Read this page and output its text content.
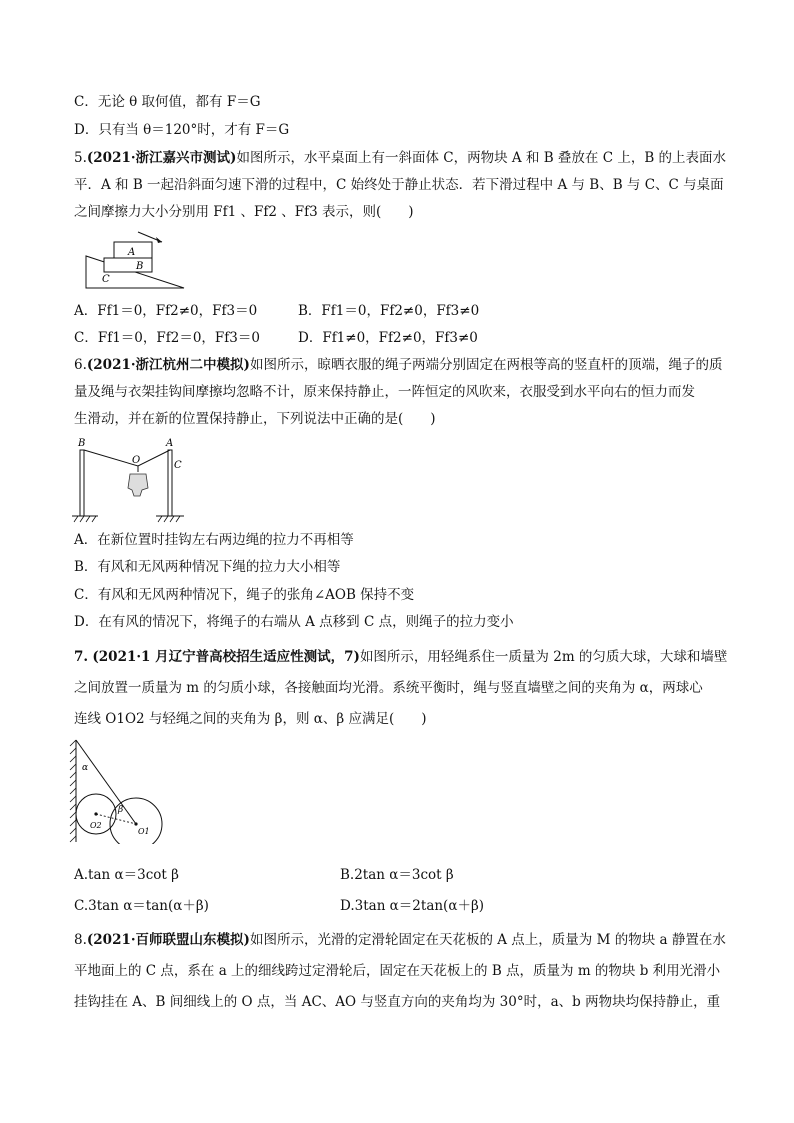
C．无论 θ 取何值，都有 F＝G
D．只有当 θ＝120°时，才有 F＝G
5.(2021·浙江嘉兴市测试)如图所示，水平桌面上有一斜面体 C，两物块 A 和 B 叠放在 C 上，B 的上表面水
平．A 和 B 一起沿斜面匀速下滑的过程中，C 始终处于静止状态．若下滑过程中 A 与 B、B 与 C、C 与桌面
之间摩擦力大小分别用 Ff1 、Ff2 、Ff3 表示，则(　　)
A
B
C
A．Ff1＝0，Ff2≠0，Ff3＝0	B．Ff1＝0，Ff2≠0，Ff3≠0
C．Ff1＝0，Ff2＝0，Ff3＝0	D．Ff1≠0，Ff2≠0，Ff3≠0
6.(2021·浙江杭州二中模拟)如图所示，晾晒衣服的绳子两端分别固定在两根等高的竖直杆的顶端，绳子的质
量及绳与衣架挂钩间摩擦均忽略不计，原来保持静止，一阵恒定的风吹来，衣服受到水平向右的恒力而发
生滑动，并在新的位置保持静止，下列说法中正确的是(　　)
B
O
A
C
A．在新位置时挂钩左右两边绳的拉力不再相等
B．有风和无风两种情况下绳的拉力大小相等
C．有风和无风两种情况下，绳子的张角∠AOB 保持不变
D．在有风的情况下，将绳子的右端从 A 点移到 C 点，则绳子的拉力变小
7. (2021·1 月辽宁普高校招生适应性测试，7)如图所示，用轻绳系住一质量为 2m 的匀质大球，大球和墙壁
之间放置一质量为 m 的匀质小球，各接触面均光滑。系统平衡时，绳与竖直墙壁之间的夹角为 α，两球心
连线 O1O2 与轻绳之间的夹角为 β，则 α、β 应满足(　　)
α
β
O1
O2
A.tan α＝3cot β	B.2tan α＝3cot β
C.3tan α＝tan(α＋β)	D.3tan α＝2tan(α＋β)
8.(2021·百师联盟山东模拟)如图所示，光滑的定滑轮固定在天花板的 A 点上，质量为 M 的物块 a 静置在水
平地面上的 C 点，系在 a 上的细线跨过定滑轮后，固定在天花板上的 B 点，质量为 m 的物块 b 利用光滑小
挂钩挂在 A、B 间细线上的 O 点，当 AC、AO 与竖直方向的夹角均为 30°时，a、b 两物块均保持静止，重
